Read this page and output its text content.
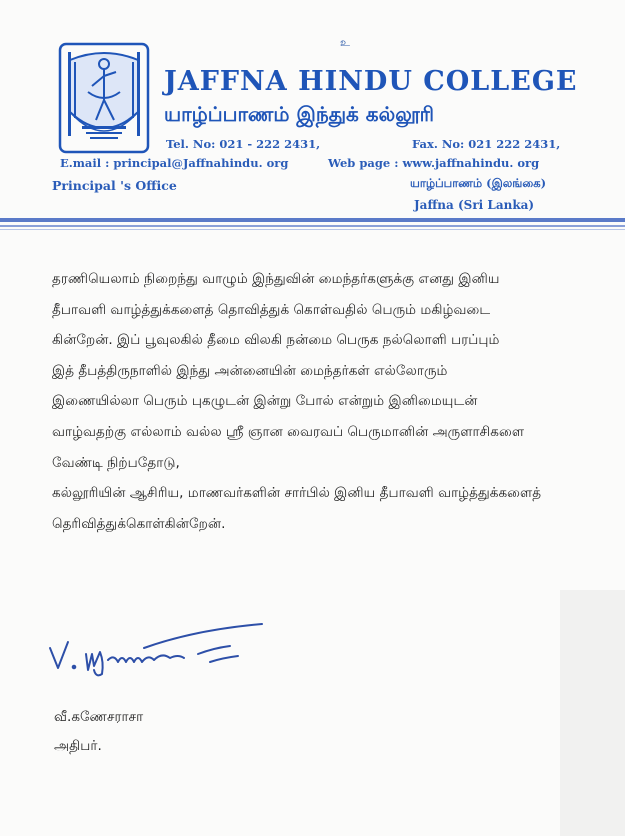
உ
JAFFNA HINDU COLLEGE
யாழ்ப்பாணம் இந்துக் கல்லூரி
Tel. No: 021 - 222 2431,	Fax. No: 021 222 2431,
E.mail : principal@Jaffnahindu. org	Web page : www.jaffnahindu. org
Principal 's Office	யாழ்ப்பாணம் (இலங்கை)
Jaffna (Sri Lanka)
தரணியெலாம் நிறைந்து வாழும் இந்துவின் மைந்தர்களுக்கு எனது இனிய
தீபாவளி வாழ்த்துக்களைத் தொவித்துக் கொள்வதில் பெரும் மகிழ்வடை
கின்றேன். இப் பூவுலகில் தீமை விலகி நன்மை பெருக நல்லொளி பரப்பும்
இத் தீபத்திருநாளில் இந்து அன்னையின் மைந்தர்கள் எல்லோரும்
இணையில்லா பெரும் புகழுடன் இன்று போல் என்றும் இனிமையுடன்
வாழ்வதற்கு எல்லாம் வல்ல ஸ்ரீ ஞான வைரவப் பெருமானின் அருளாசிகளை
வேண்டி நிற்பதோடு,
கல்லூரியின் ஆசிரிய, மாணவர்களின் சார்பில் இனிய தீபாவளி வாழ்த்துக்களைத்
தெரிவித்துக்கொள்கின்றேன்.
வீ.கணேசராசா
அதிபர்.
